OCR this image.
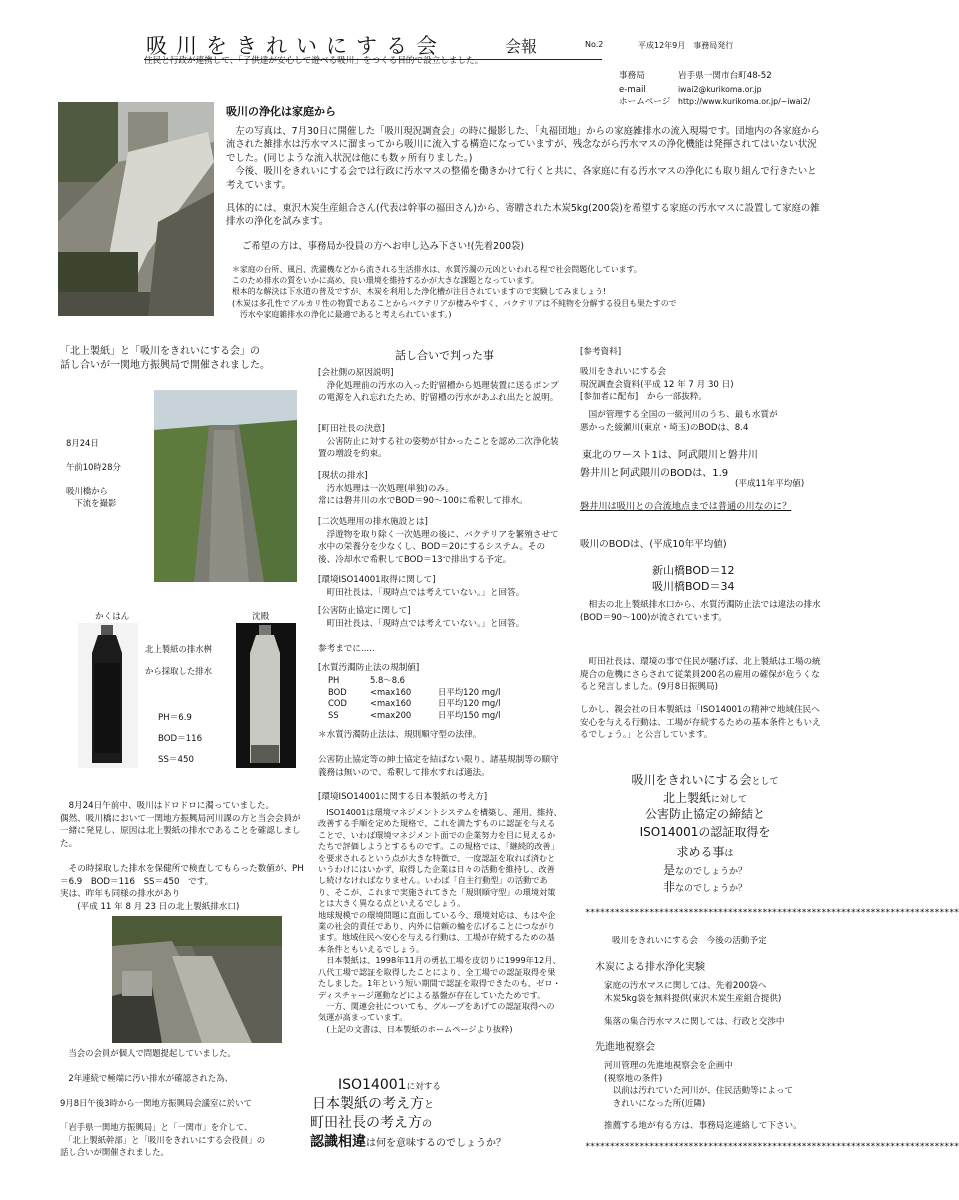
吸川をきれいにする会	会報	No.2	平成12年9月　事務局発行
住民と行政が連携して、「子供達が安心して遊べる吸川」をつくる目的で設立しました。
事務局	岩手県一関市台町48-52
e-mail	iwai2@kurikoma.or.jp
ホームページ http://www.kurikoma.or.jp/~iwai2/
吸川の浄化は家庭から
　左の写真は、7月30日に開催した「吸川現況調査会」の時に撮影した、「丸福団地」からの家庭雑排水の流入現場です。団地内の各家庭から流された雑排水は汚水マスに溜まってから吸川に流入する構造になっていますが、残念ながら汚水マスの浄化機能は発揮されてはいない状況でした。(同じような流入状況は他にも数ヶ所有りました。)
　今後、吸川をきれいにする会では行政に汚水マスの整備を働きかけて行くと共に、各家庭に有る汚水マスの浄化にも取り組んで行きたいと考えています。
具体的には、東沢木炭生産組合さん(代表は幹事の福田さん)から、寄贈された木炭5kg(200袋)を希望する家庭の汚水マスに設置して家庭の雑排水の浄化を試みます。
ご希望の方は、事務局か役員の方へお申し込み下さい!(先着200袋)
＊家庭の台所、風呂、洗濯機などから流される生活排水は、水質汚濁の元凶といわれる程で社会問題化しています。
このため排水の質をいかに高め、良い環境を維持するかが大きな課題となっています。
根本的な解決は下水道の普及ですが、木炭を利用した浄化槽が注目されていますので実験してみましょう!
(木炭は多孔性でアルカリ性の物質であることからバクテリアが棲みやすく、バクテリアは不純物を分解する役目も果たすので
　汚水や家庭雑排水の浄化に最適であると考えられています。)
「北上製紙」と「吸川をきれいにする会」の
話し合いが一関地方振興局で開催されました。
8月24日

午前10時28分

吸川橋から
　下流を撮影
かくはん	沈殿
北上製紙の排水桝

から採取した排水
PH＝6.9
BOD＝116
SS＝450
　8月24日午前中、吸川はドロドロに濁っていました。
偶然、吸川橋において一関地方振興局河川課の方と当会会員が一緒に発見し、原因は北上製紙の排水であることを確認しました。

　その時採取した排水を保健所で検査してもらった数値が、PH＝6.9　BOD＝116　SS＝450　です。
実は、昨年も同様の排水があり
　　(平成 11 年 8 月 23 日の北上製紙排水口)
　当会の会員が個人で問題提起していました。

　2年連続で極端に汚い排水が確認された為、

9月8日午後3時から一関地方振興局会議室に於いて

「岩手県一関地方振興局」と「一関市」を介して、
　「北上製紙幹部」と「吸川をきれいにする会役員」の
話し合いが開催されました。
話し合いで判った事
[会社側の原因説明]
　浄化処理前の汚水の入った貯留槽から処理装置に送るポンプの電源を入れ忘れたため、貯留槽の汚水があふれ出たと説明。
[町田社長の決意]
　公害防止に対する社の姿勢が甘かったことを認め二次浄化装置の増設を約束。
[現状の排水]
　汚水処理は一次処理(単独)のみ。
常には磐井川の水でBOD＝90～100に希釈して排水。
[二次処理用の排水施設とは]
　浮遊物を取り除く一次処理の後に、バクテリアを繁殖させて水中の栄養分を少なくし、BOD＝20にするシステム。その後、冷却水で希釈してBOD＝13で排出する予定。
[環境ISO14001取得に関して]
　町田社長は、「現時点では考えていない。」と回答。
[公害防止協定に関して]
　町田社長は、「現時点では考えていない。」と回答。
参考までに.....
[水質汚濁防止法の規制値]
PH	5.8～8.6
BOD	<max160	日平均120 mg/l
COD	<max160	日平均120 mg/l
SS	<max200	日平均150 mg/l
＊水質汚濁防止法は、規則順守型の法律。

公害防止協定等の紳士協定を結ばない限り、諸基規制等の順守義務は無いので、希釈して排水すれば適法。
[環境ISO14001に関する日本製紙の考え方]
　ISO14001は環境マネジメントシステムを構築し、運用、維持、改善する手順を定めた規格で、これを満たすものに認証を与えることで、いわば環境マネジメント面での企業努力を目に見えるかたちで評価しようとするものです。この規格では、「継続的改善」を要求されるという点が大きな特徴で、一度認証を取れば済むというわけにはいかず、取得した企業は日々の活動を維持し、改善し続けなければなりません。いわば「自主行動型」の活動であり、そこが、これまで実施されてきた「規則順守型」の環境対策とは大きく異なる点といえるでしょう。
地球規模での環境問題に直面している今、環境対応は、もはや企業の社会的責任であり、内外に信頼の輪を広げることにつながります。地域住民へ安心を与える行動は、工場が存続するための基本条件ともいえるでしょう。
　日本製紙は、1998年11月の勇払工場を皮切りに1999年12月、八代工場で認証を取得したことにより、全工場での認証取得を果たしました。1年という短い期間で認証を取得できたのも、ゼロ・ディスチャージ運動などによる基盤が存在していたためです。
　一方、関連会社についても、グループをあげての認証取得への気運が高まっています。
　(上記の文書は、日本製紙のホームページより抜粋)
ISO14001に対する
日本製紙の考え方と
町田社長の考え方の
認識相違は何を意味するのでしょうか？
[参考資料]
吸川をきれいにする会
現況調査会資料(平成 12 年 7 月 30 日)
[参加者に配布]　から一部抜粋。
　国が管理する全国の一級河川のうち、最も水質が
悪かった綾瀬川(東京・埼玉)のBODは、8.4
東北のワースト1は、阿武隈川と磐井川
磐井川と阿武隈川のBODは、1.9
(平成11年平均値)
磐井川は吸川との合流地点までは普通の川なのに？
吸川のBODは、(平成10年平均値)
新山橋BOD＝12
吸川橋BOD＝34
　相去の北上製紙排水口から、水質汚濁防止法では違法の排水(BOD＝90～100)が流されています。
　町田社長は、環境の事で住民が騒げば、北上製紙は工場の統廃合の危機にさらされて従業員200名の雇用の確保が危うくなると発言しました。(9月8日振興局)
しかし、親会社の日本製紙は「ISO14001の精神で地域住民へ安心を与える行動は、工場が存続するための基本条件ともいえるでしょう。」と公言しています。
吸川をきれいにする会として
北上製紙に対して
公害防止協定の締結と
ISO14001の認証取得を
求める事は
是なのでしょうか？
非なのでしょうか？
****************************************************************************
吸川をきれいにする会　今後の活動予定
木炭による排水浄化実験
家庭の汚水マスに関しては、先着200袋へ
木炭5kg袋を無料提供(東沢木炭生産組合提供)
集落の集合汚水マスに関しては、行政と交渉中
先進地視察会
河川管理の先進地視察会を企画中
(視察地の条件)
　以前は汚れていた河川が、住民活動等によって
　きれいになった所(近隣)
推薦する地が有る方は、事務局迄連絡して下さい。
****************************************************************************
